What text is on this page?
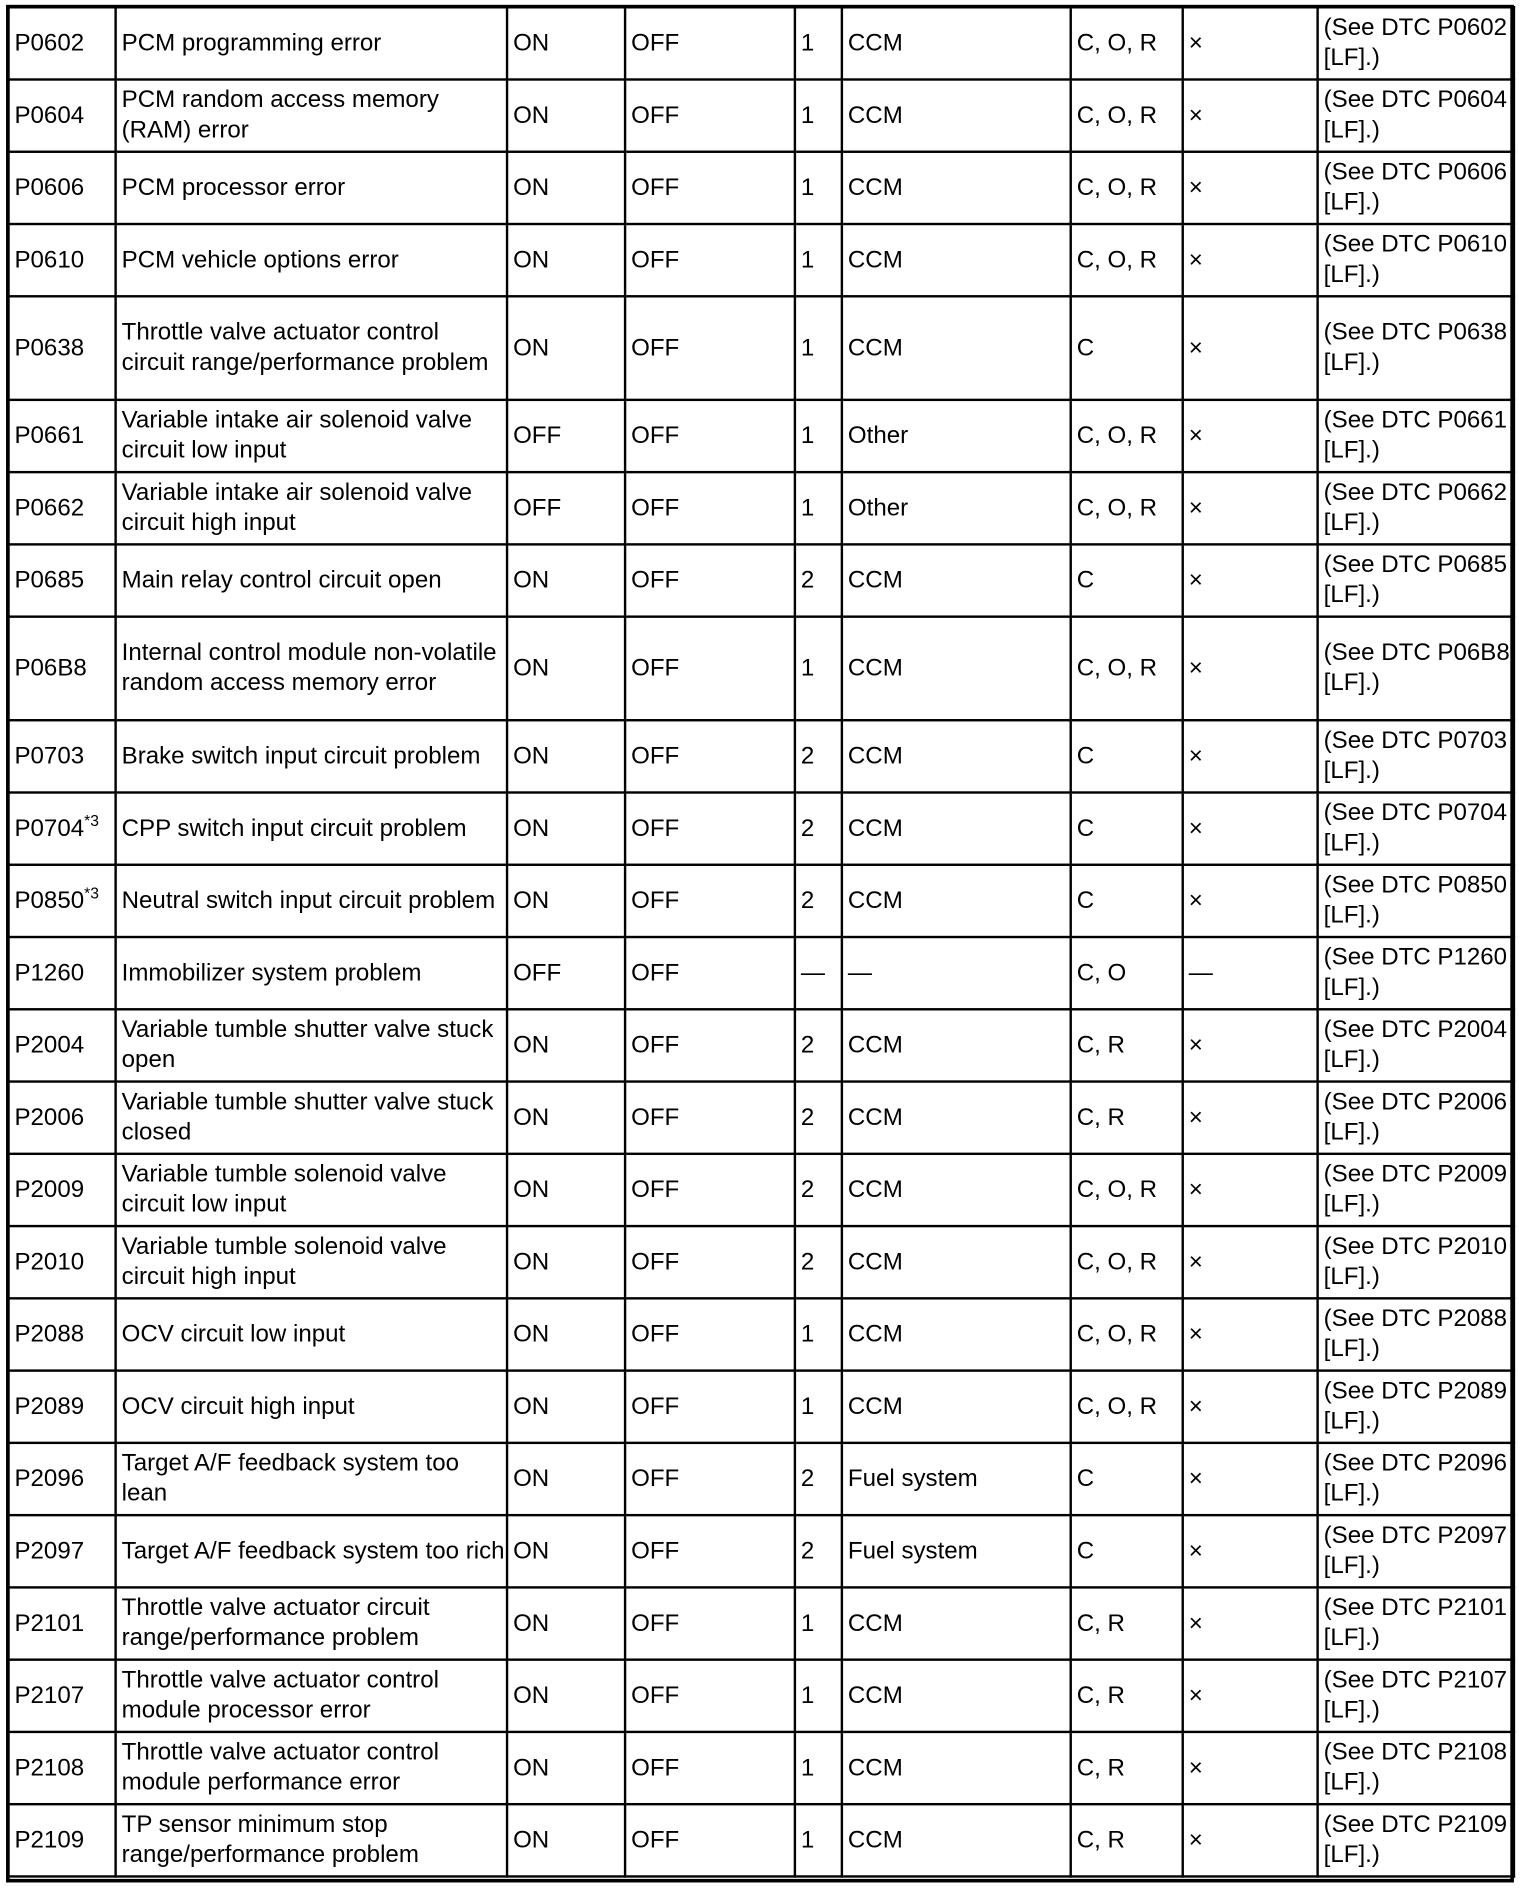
P0602	PCM programming error	ON	OFF	1	CCM	C, O, R	×	(See DTC P0602 [LF].)
P0604	PCM random access memory (RAM) error	ON	OFF	1	CCM	C, O, R	×	(See DTC P0604 [LF].)
P0606	PCM processor error	ON	OFF	1	CCM	C, O, R	×	(See DTC P0606 [LF].)
P0610	PCM vehicle options error	ON	OFF	1	CCM	C, O, R	×	(See DTC P0610 [LF].)
P0638	Throttle valve actuator control circuit range/performance problem	ON	OFF	1	CCM	C	×	(See DTC P0638 [LF].)
P0661	Variable intake air solenoid valve circuit low input	OFF	OFF	1	Other	C, O, R	×	(See DTC P0661 [LF].)
P0662	Variable intake air solenoid valve circuit high input	OFF	OFF	1	Other	C, O, R	×	(See DTC P0662 [LF].)
P0685	Main relay control circuit open	ON	OFF	2	CCM	C	×	(See DTC P0685 [LF].)
P06B8	Internal control module non-volatile random access memory error	ON	OFF	1	CCM	C, O, R	×	(See DTC P06B8 [LF].)
P0703	Brake switch input circuit problem	ON	OFF	2	CCM	C	×	(See DTC P0703 [LF].)
P0704$^{*3}$	CPP switch input circuit problem	ON	OFF	2	CCM	C	×	(See DTC P0704 [LF].)
P0850$^{*3}$	Neutral switch input circuit problem	ON	OFF	2	CCM	C	×	(See DTC P0850 [LF].)
P1260	Immobilizer system problem	OFF	OFF	—	—	C, O	—	(See DTC P1260 [LF].)
P2004	Variable tumble shutter valve stuck open	ON	OFF	2	CCM	C, R	×	(See DTC P2004 [LF].)
P2006	Variable tumble shutter valve stuck closed	ON	OFF	2	CCM	C, R	×	(See DTC P2006 [LF].)
P2009	Variable tumble solenoid valve circuit low input	ON	OFF	2	CCM	C, O, R	×	(See DTC P2009 [LF].)
P2010	Variable tumble solenoid valve circuit high input	ON	OFF	2	CCM	C, O, R	×	(See DTC P2010 [LF].)
P2088	OCV circuit low input	ON	OFF	1	CCM	C, O, R	×	(See DTC P2088 [LF].)
P2089	OCV circuit high input	ON	OFF	1	CCM	C, O, R	×	(See DTC P2089 [LF].)
P2096	Target A/F feedback system too lean	ON	OFF	2	Fuel system	C	×	(See DTC P2096 [LF].)
P2097	Target A/F feedback system too rich	ON	OFF	2	Fuel system	C	×	(See DTC P2097 [LF].)
P2101	Throttle valve actuator circuit range/performance problem	ON	OFF	1	CCM	C, R	×	(See DTC P2101 [LF].)
P2107	Throttle valve actuator control module processor error	ON	OFF	1	CCM	C, R	×	(See DTC P2107 [LF].)
P2108	Throttle valve actuator control module performance error	ON	OFF	1	CCM	C, R	×	(See DTC P2108 [LF].)
P2109	TP sensor minimum stop range/performance problem	ON	OFF	1	CCM	C, R	×	(See DTC P2109 [LF].)
